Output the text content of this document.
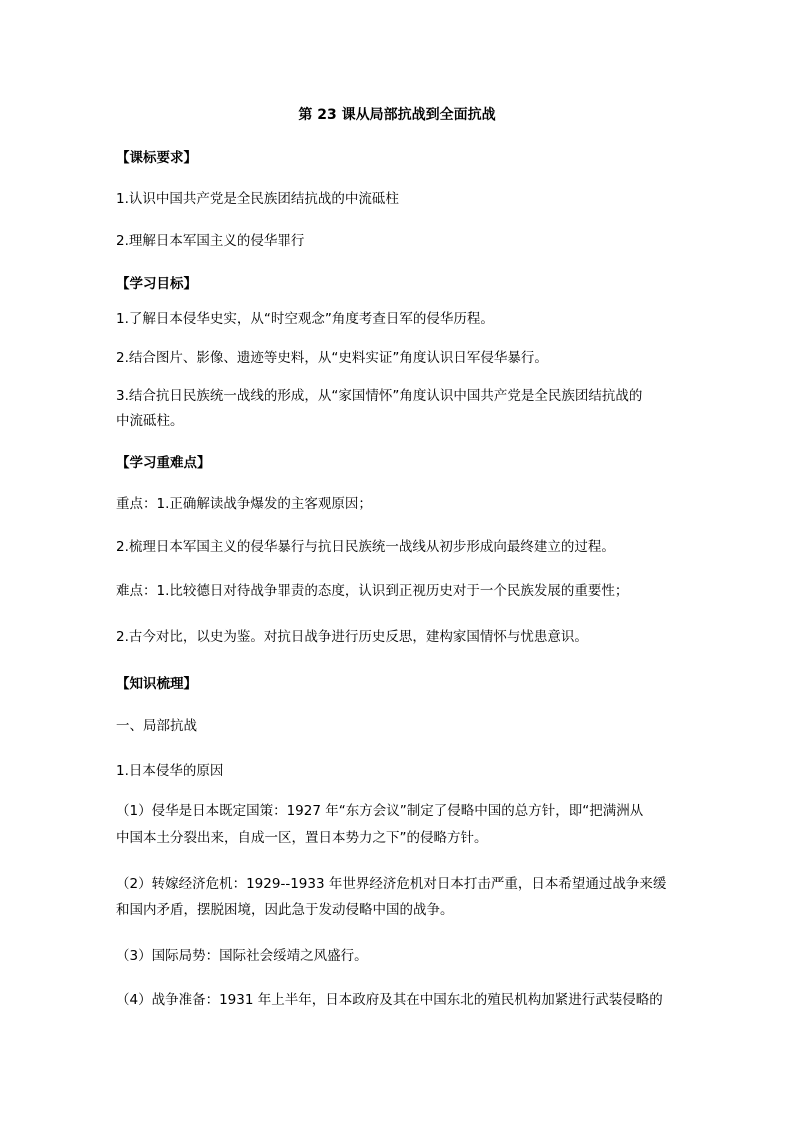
第 23 课从局部抗战到全面抗战
【课标要求】
1.认识中国共产党是全民族团结抗战的中流砥柱
2.理解日本军国主义的侵华罪行
【学习目标】
1.了解日本侵华史实，从“时空观念”角度考查日军的侵华历程。
2.结合图片、影像、遗迹等史料，从“史料实证”角度认识日军侵华暴行。
3.结合抗日民族统一战线的形成，从“家国情怀”角度认识中国共产党是全民族团结抗战的
中流砥柱。
【学习重难点】
重点：1.正确解读战争爆发的主客观原因；
2.梳理日本军国主义的侵华暴行与抗日民族统一战线从初步形成向最终建立的过程。
难点：1.比较德日对待战争罪责的态度，认识到正视历史对于一个民族发展的重要性；
2.古今对比，以史为鉴。对抗日战争进行历史反思，建构家国情怀与忧患意识。
【知识梳理】
一、局部抗战
1.日本侵华的原因
（1）侵华是日本既定国策：1927 年“东方会议”制定了侵略中国的总方针，即“把满洲从
中国本土分裂出来，自成一区，置日本势力之下”的侵略方针。
（2）转嫁经济危机：1929--1933 年世界经济危机对日本打击严重，日本希望通过战争来缓
和国内矛盾，摆脱困境，因此急于发动侵略中国的战争。
（3）国际局势：国际社会绥靖之风盛行。
（4）战争准备：1931 年上半年，日本政府及其在中国东北的殖民机构加紧进行武装侵略的
